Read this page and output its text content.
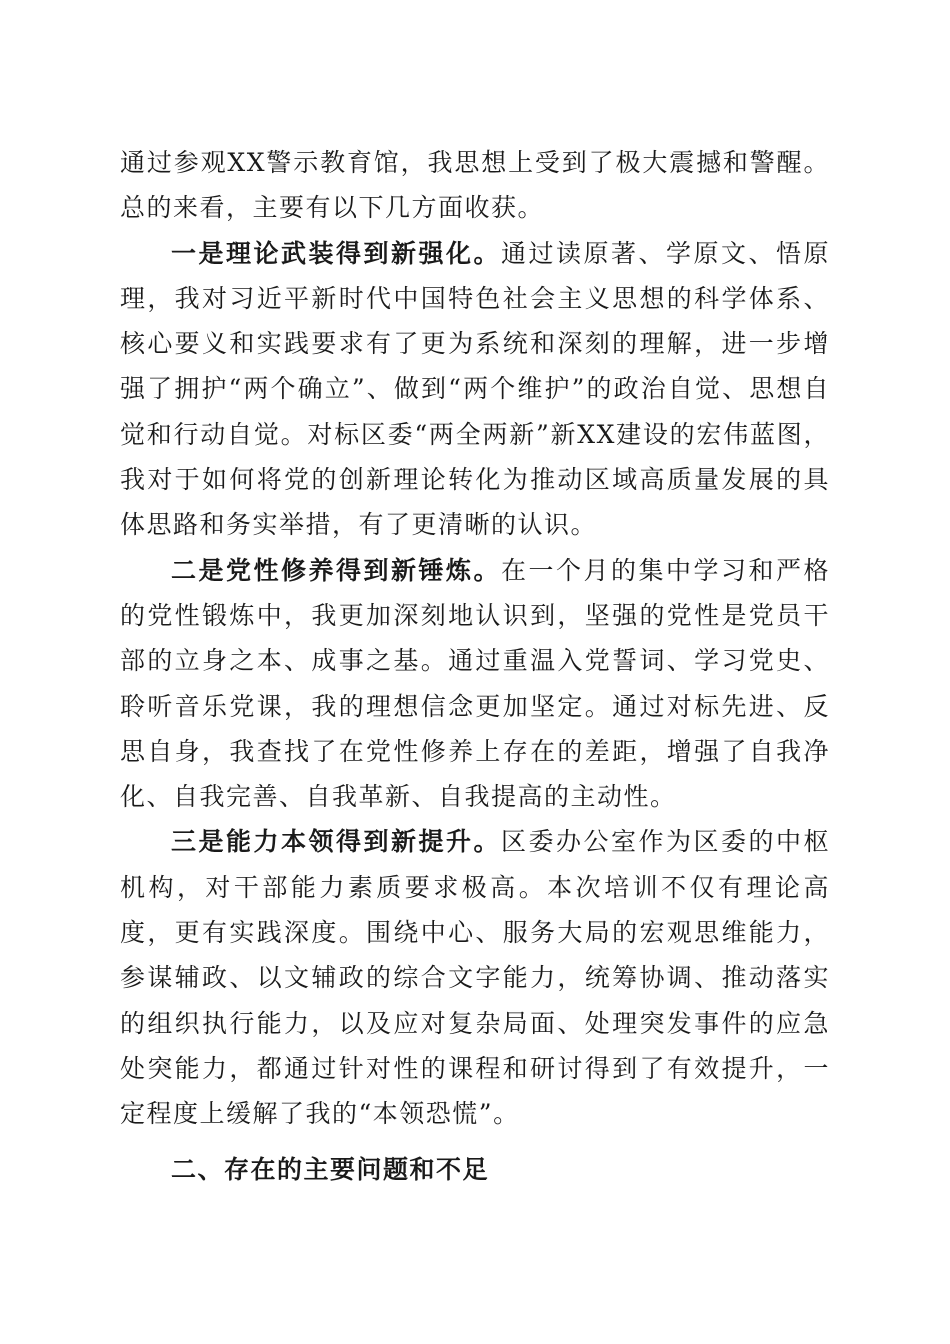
通过参观XX警示教育馆，我思想上受到了极大震撼和警醒。总的来看，主要有以下几方面收获。

一是理论武装得到新强化。通过读原著、学原文、悟原理，我对习近平新时代中国特色社会主义思想的科学体系、核心要义和实践要求有了更为系统和深刻的理解，进一步增强了拥护“两个确立”、做到“两个维护”的政治自觉、思想自觉和行动自觉。对标区委“两全两新”新XX建设的宏伟蓝图，我对于如何将党的创新理论转化为推动区域高质量发展的具体思路和务实举措，有了更清晰的认识。

二是党性修养得到新锤炼。在一个月的集中学习和严格的党性锻炼中，我更加深刻地认识到，坚强的党性是党员干部的立身之本、成事之基。通过重温入党誓词、学习党史、聆听音乐党课，我的理想信念更加坚定。通过对标先进、反思自身，我查找了在党性修养上存在的差距，增强了自我净化、自我完善、自我革新、自我提高的主动性。

三是能力本领得到新提升。区委办公室作为区委的中枢机构，对干部能力素质要求极高。本次培训不仅有理论高度，更有实践深度。围绕中心、服务大局的宏观思维能力，参谋辅政、以文辅政的综合文字能力，统筹协调、推动落实的组织执行能力，以及应对复杂局面、处理突发事件的应急处突能力，都通过针对性的课程和研讨得到了有效提升，一定程度上缓解了我的“本领恐慌”。

二、存在的主要问题和不足
